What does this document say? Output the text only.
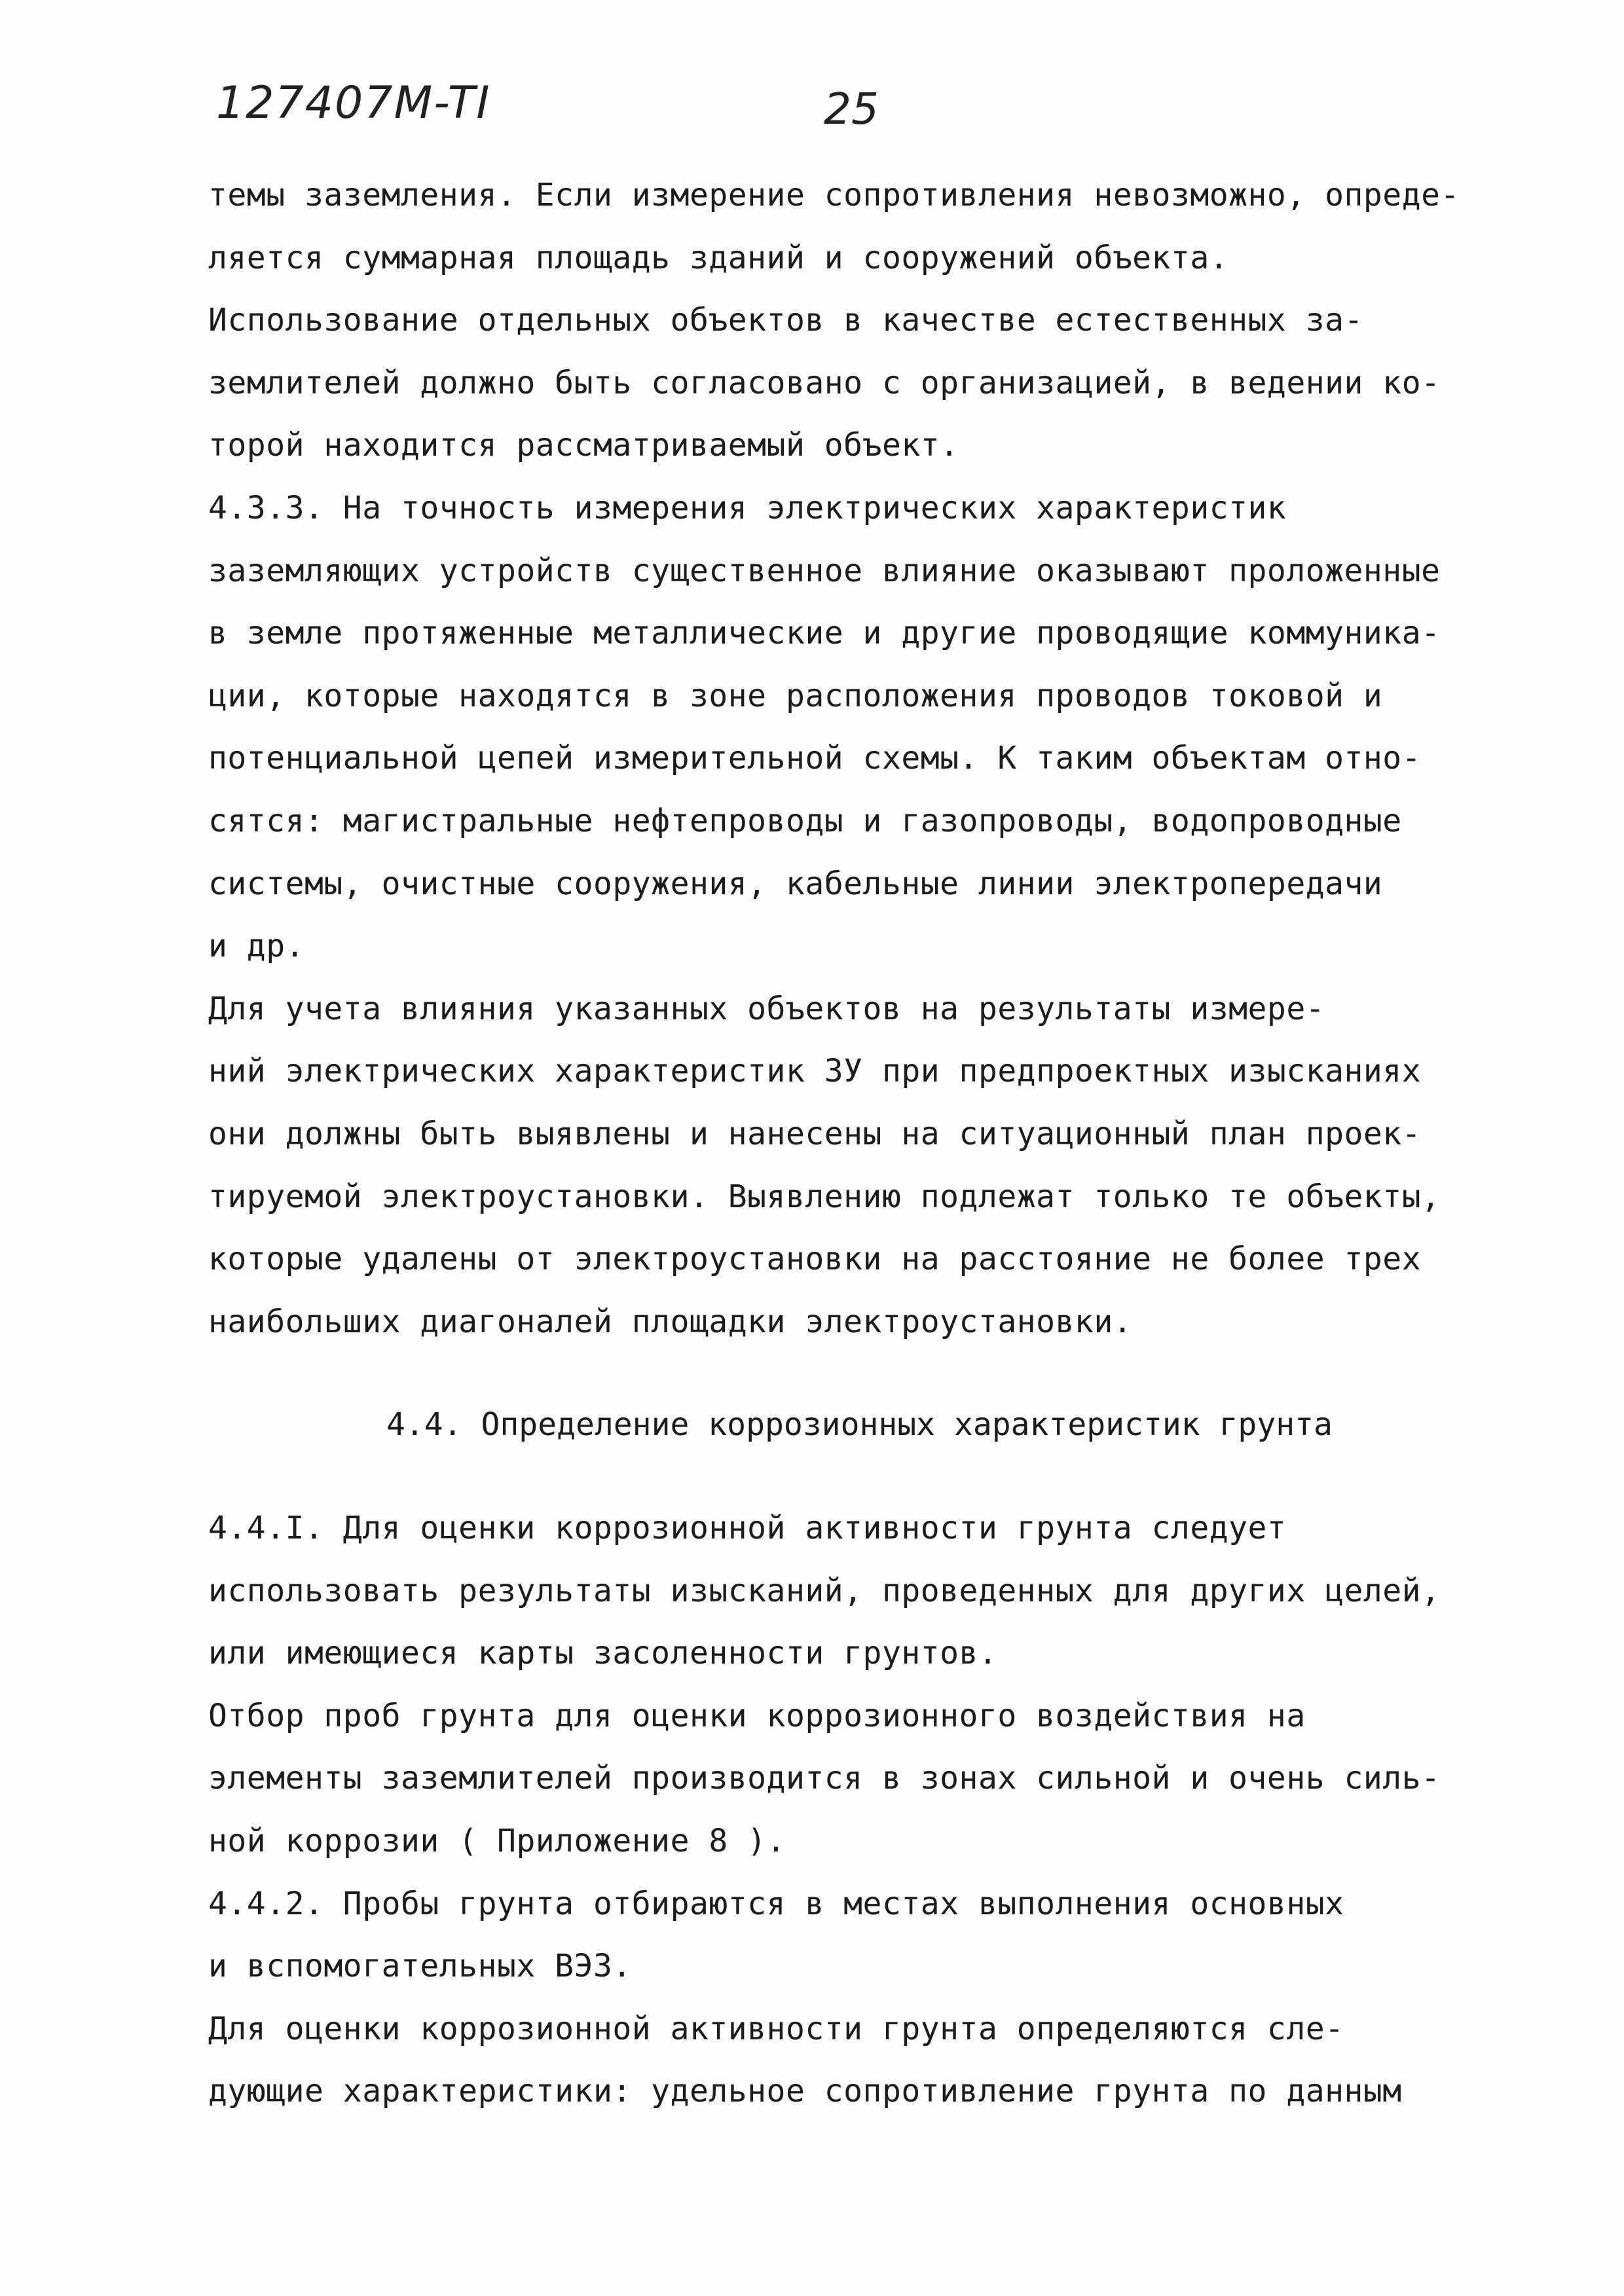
127407M-TI	25
темы заземления. Если измерение сопротивления невозможно, опреде-
ляется суммарная площадь зданий и сооружений объекта.
Использование отдельных объектов в качестве естественных за-
землителей должно быть согласовано с организацией, в ведении ко-
торой находится рассматриваемый объект.
4.3.3. На точность измерения электрических характеристик
заземляющих устройств существенное влияние оказывают проложенные
в земле протяженные металлические и другие проводящие коммуника-
ции, которые находятся в зоне расположения проводов токовой и
потенциальной цепей измерительной схемы. К таким объектам отно-
сятся: магистральные нефтепроводы и газопроводы, водопроводные
системы, очистные сооружения, кабельные линии электропередачи
и др.
Для учета влияния указанных объектов на результаты измере-
ний электрических характеристик ЗУ при предпроектных изысканиях
они должны быть выявлены и нанесены на ситуационный план проек-
тируемой электроустановки. Выявлению подлежат только те объекты,
которые удалены от электроустановки на расстояние не более трех
наибольших диагоналей площадки электроустановки.
4.4. Определение коррозионных характеристик грунта
4.4.I. Для оценки коррозионной активности грунта следует
использовать результаты изысканий, проведенных для других целей,
или имеющиеся карты засоленности грунтов.
Отбор проб грунта для оценки коррозионного воздействия на
элементы заземлителей производится в зонах сильной и очень силь-
ной коррозии ( Приложение 8 ).
4.4.2. Пробы грунта отбираются в местах выполнения основных
и вспомогательных ВЭЗ.
Для оценки коррозионной активности грунта определяются сле-
дующие характеристики: удельное сопротивление грунта по данным
